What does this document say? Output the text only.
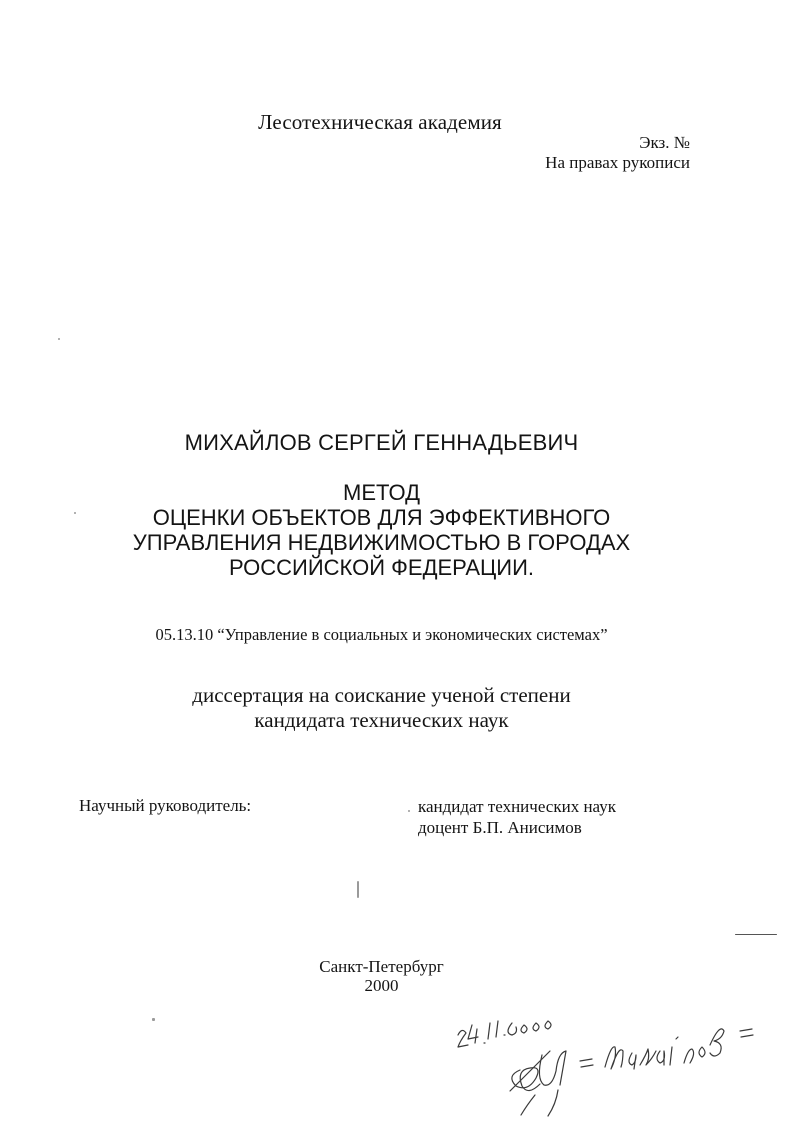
Лесотехническая академия
Экз. №
На правах рукописи
МИХАЙЛОВ СЕРГЕЙ ГЕННАДЬЕВИЧ
МЕТОД
ОЦЕНКИ ОБЪЕКТОВ ДЛЯ ЭФФЕКТИВНОГО
УПРАВЛЕНИЯ НЕДВИЖИМОСТЬЮ В ГОРОДАХ
РОССИЙСКОЙ ФЕДЕРАЦИИ.
05.13.10 “Управление в социальных и экономических системах”
диссертация на соискание ученой степени
кандидата технических наук
Научный руководитель:	кандидат технических наук
доцент Б.П. Анисимов
Санкт-Петербург
2000
